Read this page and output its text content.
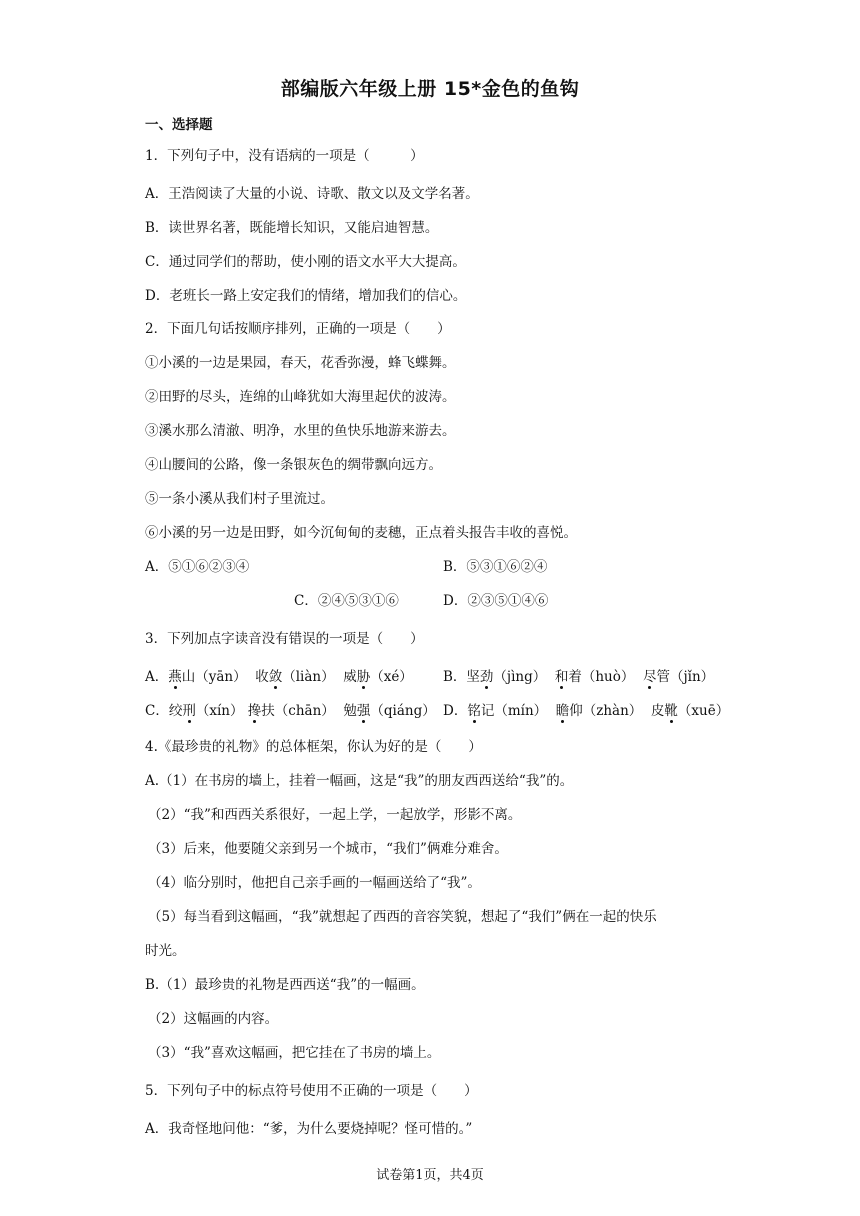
部编版六年级上册 15*金色的鱼钩
一、选择题
1．下列句子中，没有语病的一项是（　　　）
A．王浩阅读了大量的小说、诗歌、散文以及文学名著。
B．读世界名著，既能增长知识，又能启迪智慧。
C．通过同学们的帮助，使小刚的语文水平大大提高。
D．老班长一路上安定我们的情绪，增加我们的信心。
2．下面几句话按顺序排列，正确的一项是（　　）
①小溪的一边是果园，春天，花香弥漫，蜂飞蝶舞。
②田野的尽头，连绵的山峰犹如大海里起伏的波涛。
③溪水那么清澈、明净，水里的鱼快乐地游来游去。
④山腰间的公路，像一条银灰色的绸带飘向远方。
⑤一条小溪从我们村子里流过。
⑥小溪的另一边是田野，如今沉甸甸的麦穗，正点着头报告丰收的喜悦。
A．⑤①⑥②③④	B．⑤③①⑥②④
C．②④⑤③①⑥	D．②③⑤①④⑥
3．下列加点字读音没有错误的一项是（　　）
A．燕山（yān） 收敛（liàn） 威胁（xé） B．坚劲（jìng） 和着（huò） 尽管（jǐn）
C．绞刑（xín） 搀扶（chān） 勉强（qiáng） D．铭记（mín） 瞻仰（zhàn） 皮靴（xuē）
4.《最珍贵的礼物》的总体框架，你认为好的是（　　）
A.（1）在书房的墙上，挂着一幅画，这是“我”的朋友西西送给“我”的。
（2）“我”和西西关系很好，一起上学，一起放学，形影不离。
（3）后来，他要随父亲到另一个城市，“我们”俩难分难舍。
（4）临分别时，他把自己亲手画的一幅画送给了“我”。
（5）每当看到这幅画，“我”就想起了西西的音容笑貌，想起了“我们”俩在一起的快乐
时光。
B.（1）最珍贵的礼物是西西送“我”的一幅画。
（2）这幅画的内容。
（3）“我”喜欢这幅画，把它挂在了书房的墙上。
5．下列句子中的标点符号使用不正确的一项是（　　）
A．我奇怪地问他：“爹，为什么要烧掉呢？怪可惜的。”
试卷第1页，共4页
